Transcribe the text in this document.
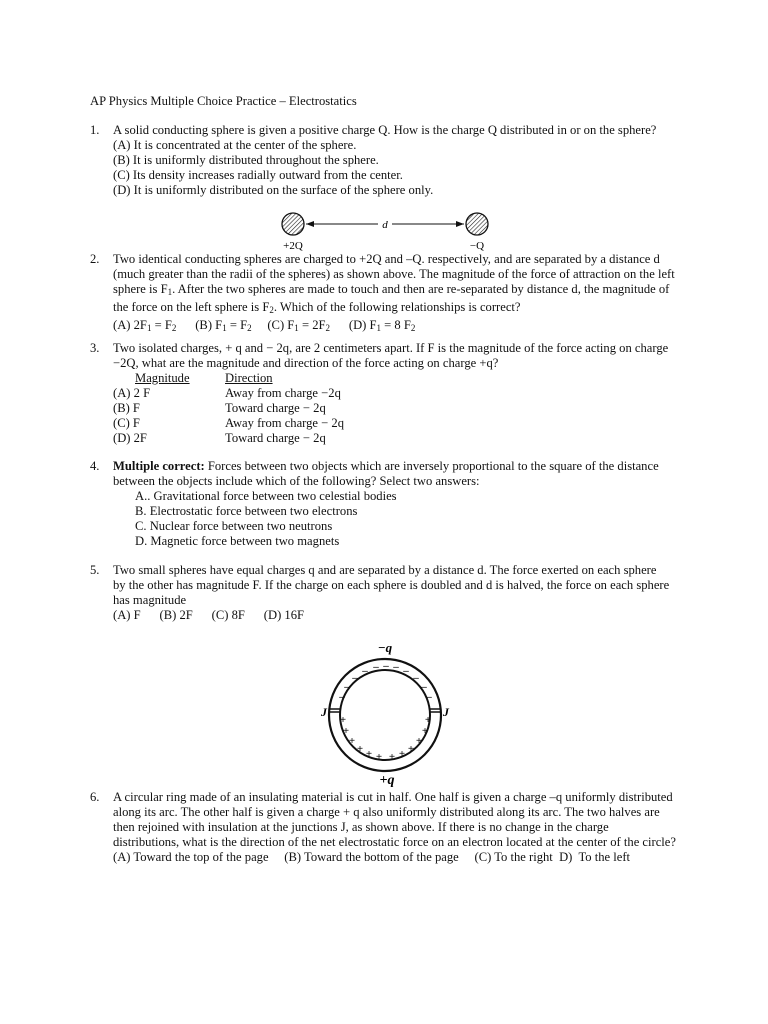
AP Physics Multiple Choice Practice – Electrostatics
1. A solid conducting sphere is given a positive charge Q. How is the charge Q distributed in or on the sphere?
(A) It is concentrated at the center of the sphere.
(B) It is uniformly distributed throughout the sphere.
(C) Its density increases radially outward from the center.
(D) It is uniformly distributed on the surface of the sphere only.
d
+2Q	−Q
2. Two identical conducting spheres are charged to +2Q and –Q. respectively, and are separated by a distance d
(much greater than the radii of the spheres) as shown above. The magnitude of the force of attraction on the left
sphere is $F_1$. After the two spheres are made to touch and then are re-separated by distance d, the magnitude of
the force on the left sphere is $F_2$. Which of the following relationships is correct?
(A) $2F_1 = F_2$ (B) $F_1 = F_2$ (C) $F_1 = 2F_2$ (D) $F_1 = 8$ $F_2$
3. Two isolated charges, + q and − 2q, are 2 centimeters apart. If F is the magnitude of the force acting on charge
−2Q, what are the magnitude and direction of the force acting on charge +q?
Magnitude	Direction
(A) 2 F	Away from charge −2q
(B) F	Toward charge − 2q
(C) F	Away from charge − 2q
(D) 2F	Toward charge − 2q
4. Multiple correct: Forces between two objects which are inversely proportional to the square of the distance
between the objects include which of the following? Select two answers:
A.. Gravitational force between two celestial bodies
B. Electrostatic force between two electrons
C. Nuclear force between two neutrons
D. Magnetic force between two magnets
5. Two small spheres have equal charges q and are separated by a distance d. The force exerted on each sphere
by the other has magnitude F. If the charge on each sphere is doubled and d is halved, the force on each sphere
has magnitude
(A) F      (B) 2F      (C) 8F      (D) 16F
−q
– – –
–	–
–	–
–	–
–	–
+	+
+	+
+	+
+	+
+ +
+ +
J	J
+q
6. A circular ring made of an insulating material is cut in half. One half is given a charge –q uniformly distributed
along its arc. The other half is given a charge + q also uniformly distributed along its arc. The two halves are
then rejoined with insulation at the junctions J, as shown above. If there is no change in the charge
distributions, what is the direction of the net electrostatic force on an electron located at the center of the circle?
(A) Toward the top of the page     (B) Toward the bottom of the page     (C) To the right  D)  To the left
